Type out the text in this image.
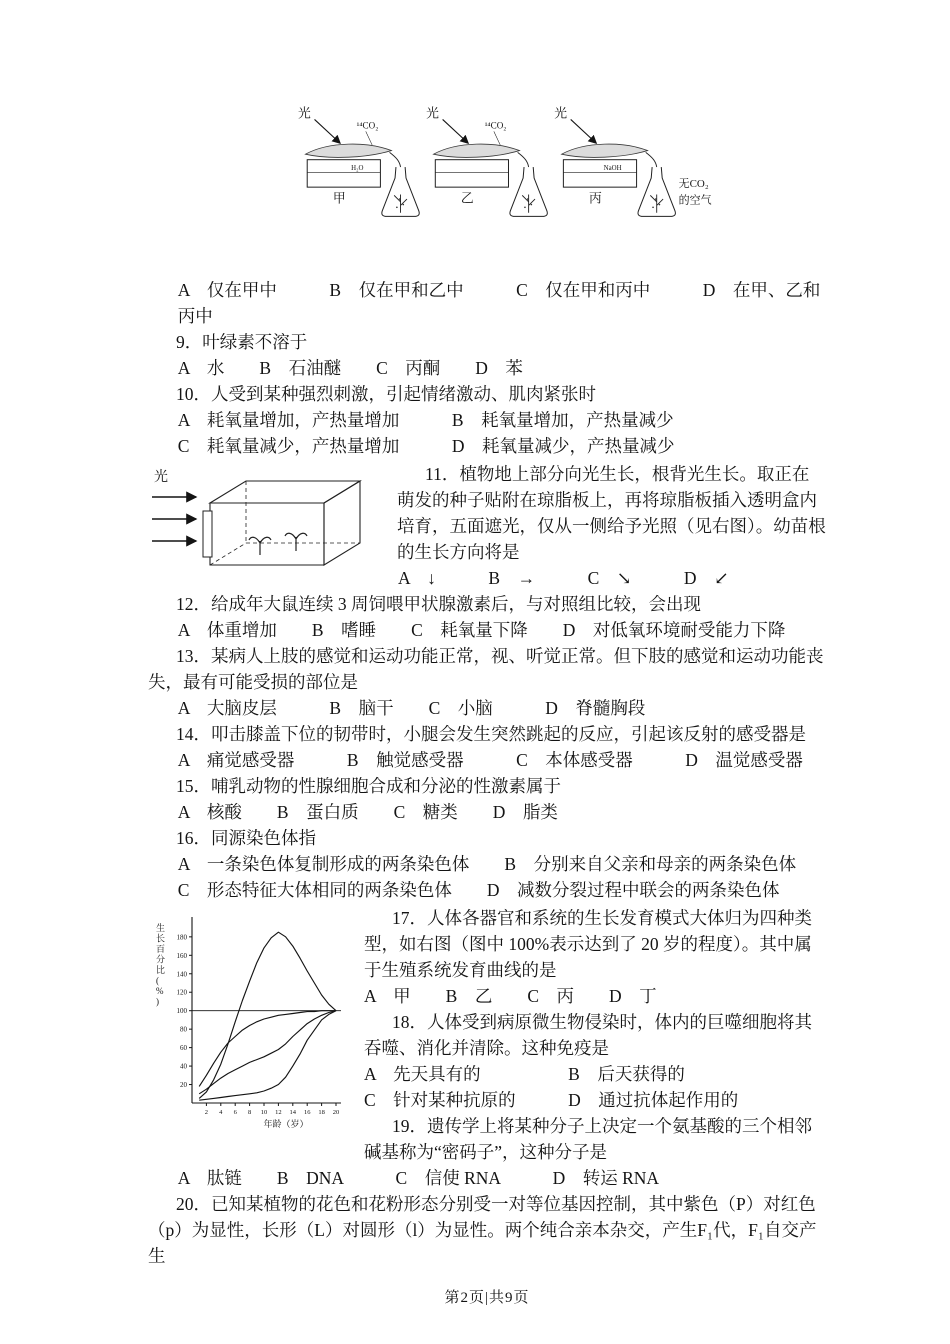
光
¹⁴CO₂
H₂O
甲
光
¹⁴CO₂
乙
光
NaOH
丙
无CO₂
的空气
A　仅在甲中　　　B　仅在甲和乙中　　　C　仅在甲和丙中　　　D　在甲、乙和丙中
9．叶绿素不溶于
A　水　　B　石油醚　　C　丙酮　　D　苯
10．人受到某种强烈刺激，引起情绪激动、肌肉紧张时
A　耗氧量增加，产热量增加　　　B　耗氧量增加，产热量减少
C　耗氧量减少，产热量增加　　　D　耗氧量减少，产热量减少
光	11．植物地上部分向光生长，根背光生长。取正在萌发的种子贴附在琼脂板上，再将琼脂板插入透明盒内培育，五面遮光，仅从一侧给予光照（见右图）。幼苗根的生长方向将是

A　↓　　　B　→　　　C　↘　　　D　↙

12．给成年大鼠连续 3 周饲喂甲状腺激素后，与对照组比较，会出现
A　体重增加　　B　嗜睡　　C　耗氧量下降　　D　对低氧环境耐受能力下降
13．某病人上肢的感觉和运动功能正常，视、听觉正常。但下肢的感觉和运动功能丧失，最有可能受损的部位是
A　大脑皮层　　　B　脑干　　C　小脑　　　D　脊髓胸段
14．叩击膝盖下位的韧带时，小腿会发生突然跳起的反应，引起该反射的感受器是
A　痛觉感受器　　　B　触觉感受器　　　C　本体感受器　　　D　温觉感受器
15．哺乳动物的性腺细胞合成和分泌的性激素属于
A　核酸　　B　蛋白质　　C　糖类　　D　脂类
16．同源染色体指
A　一条染色体复制形成的两条染色体　　B　分别来自父亲和母亲的两条染色体
C　形态特征大体相同的两条染色体　　D　减数分裂过程中联会的两条染色体
20
40
60
80
100
120
140
160
180
2 4 6 8 10 12 14 16 18 20
生长百分比( % )
年龄（岁）

17．人体各器官和系统的生长发育模式大体归为四种类型，如右图（图中 100%表示达到了 20 岁的程度）。其中属于生殖系统发育曲线的是

A　甲　　B　乙　　C　丙　　D　丁

18．人体受到病原微生物侵染时，体内的巨噬细胞将其吞噬、消化并清除。这种免疫是

A　先天具有的　　　　　B　后天获得的

C　针对某种抗原的　　　D　通过抗体起作用的

19．遗传学上将某种分子上决定一个氨基酸的三个相邻碱基称为“密码子”，这种分子是

A　肽链　　B　DNA　　　C　信使 RNA　　　D　转运 RNA
20．已知某植物的花色和花粉形态分别受一对等位基因控制，其中紫色（P）对红色（p）为显性，长形（L）对圆形（l）为显性。两个纯合亲本杂交，产生F₁代，F₁自交产生
第2页|共9页
